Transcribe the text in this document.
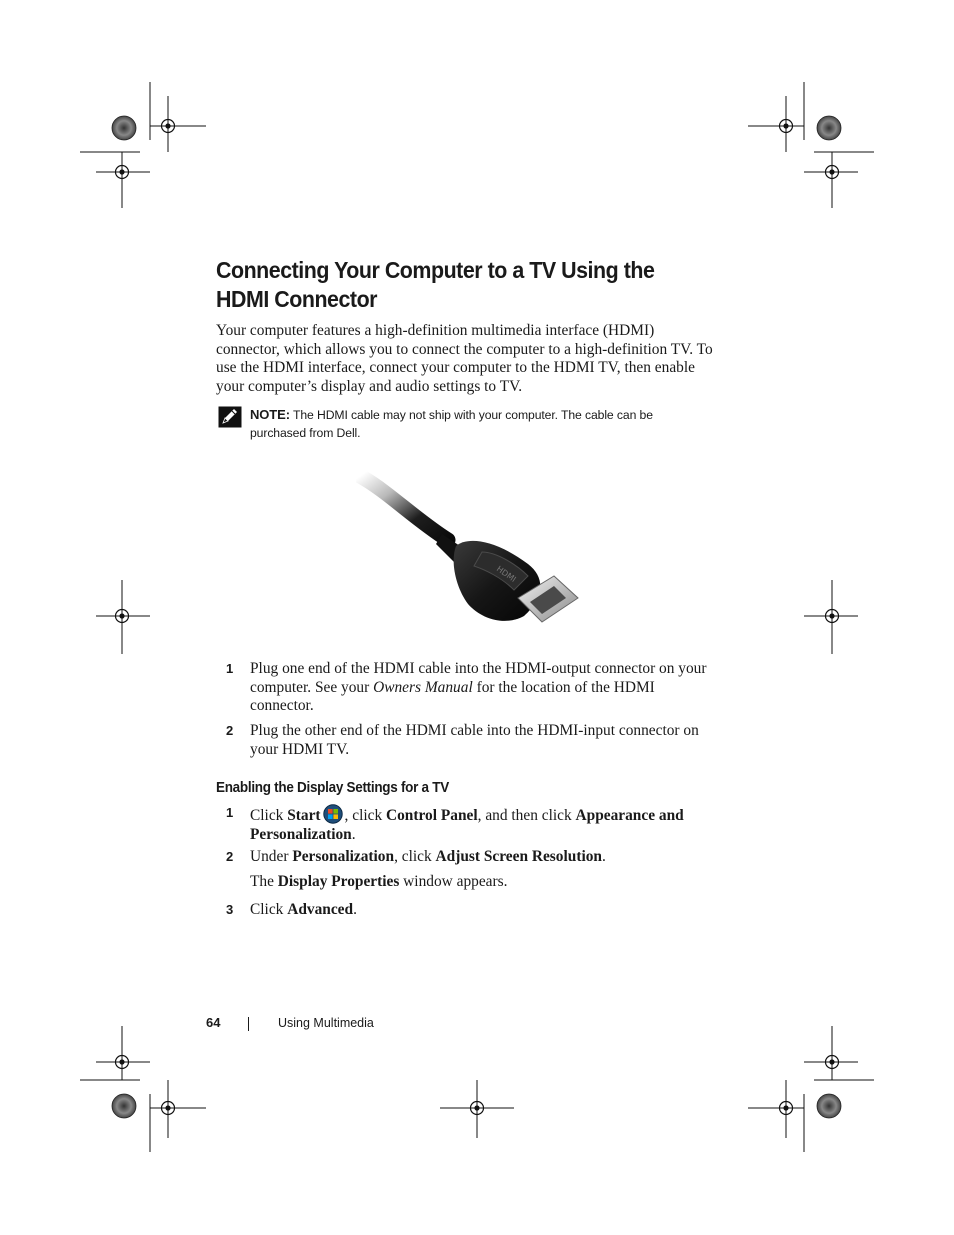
Connecting Your Computer to a TV Using the
HDMI Connector

Your computer features a high-definition multimedia interface (HDMI) connector, which allows you to connect the computer to a high-definition TV. To use the HDMI interface, connect your computer to the HDMI TV, then enable your computer’s display and audio settings to TV.

NOTE: The HDMI cable may not ship with your computer. The cable can be purchased from Dell.

HDMI
1 Plug one end of the HDMI cable into the HDMI-output connector on your computer. See your Owners Manual for the location of the HDMI connector.

2 Plug the other end of the HDMI cable into the HDMI-input connector on your HDMI TV.

Enabling the Display Settings for a TV
1 Click Start , click Control Panel, and then click Appearance and Personalization.

2 Under Personalization, click Adjust Screen Resolution.

The Display Properties window appears.

3 Click Advanced.

64	Using Multimedia
